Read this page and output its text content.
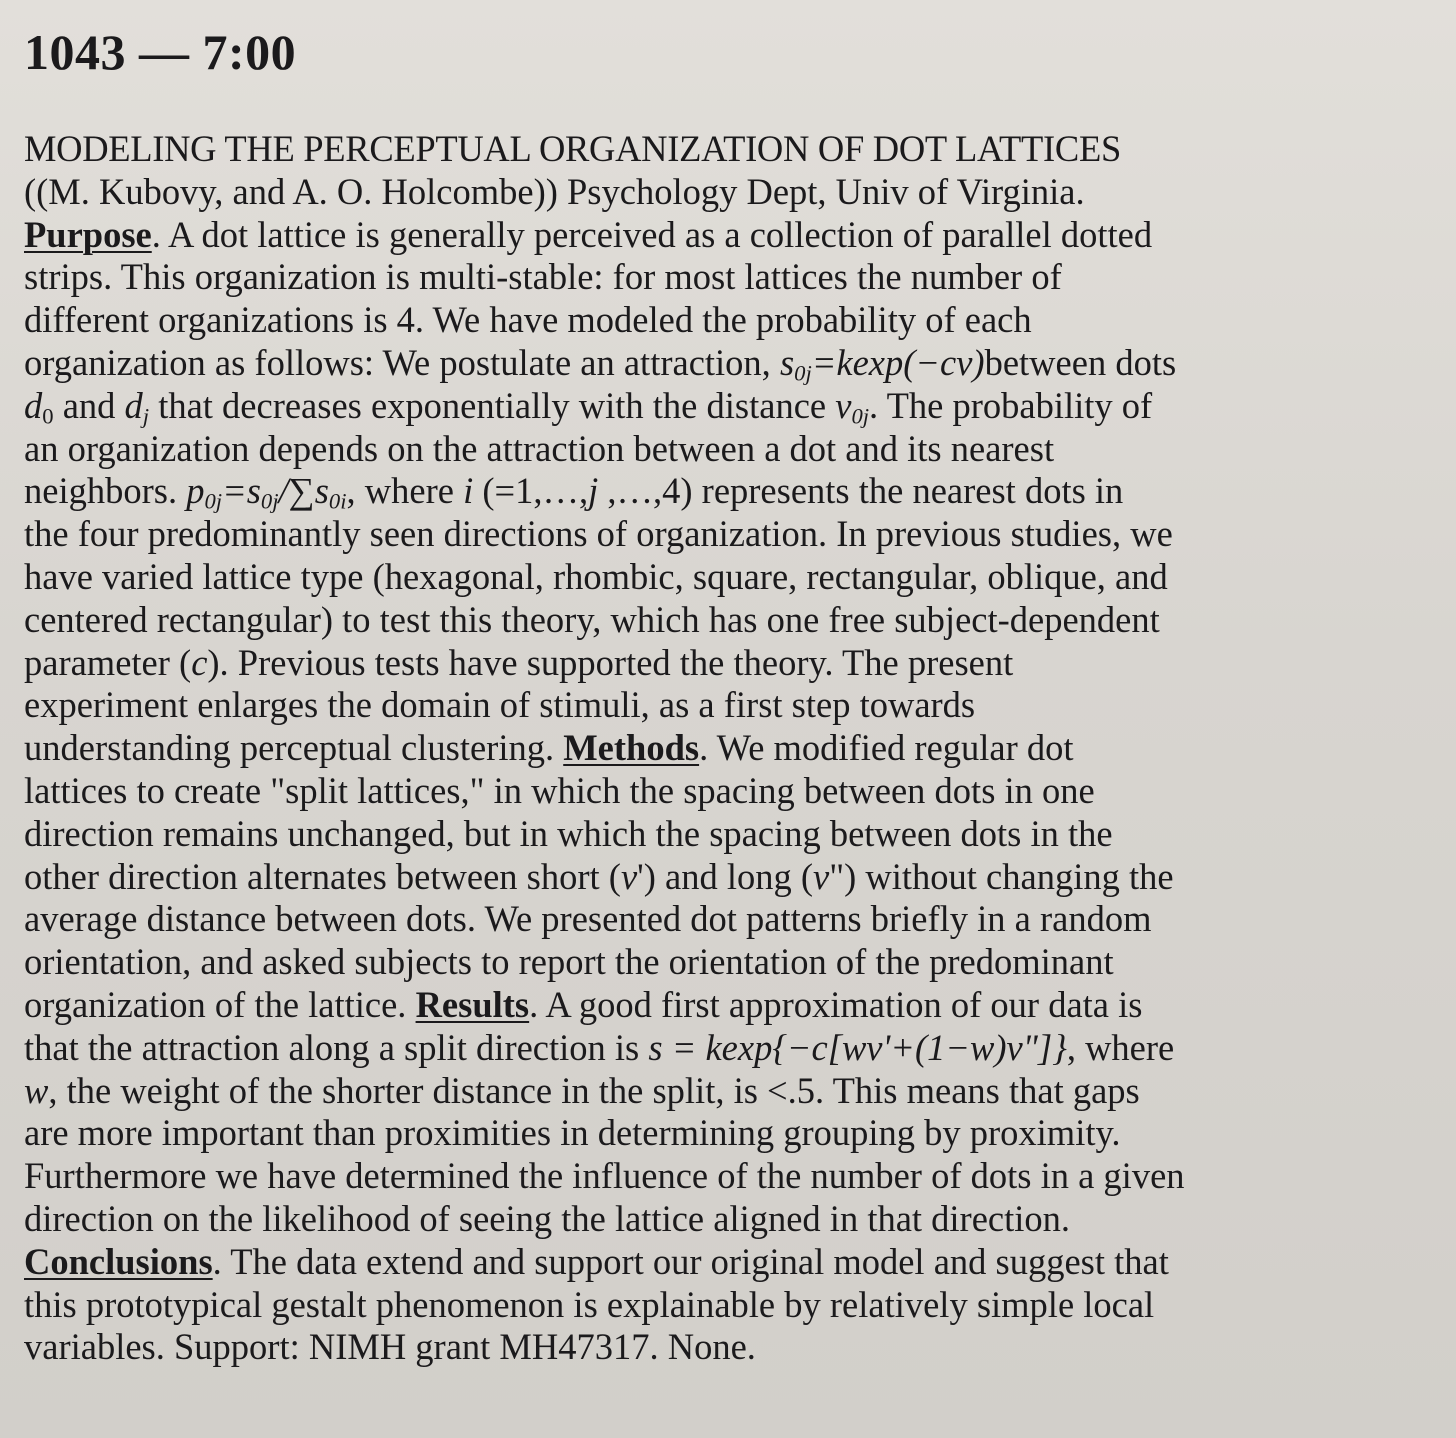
1043 — 7:00
MODELING THE PERCEPTUAL ORGANIZATION OF DOT LATTICES
((M. Kubovy, and A. O. Holcombe)) Psychology Dept, Univ of Virginia.
Purpose. A dot lattice is generally perceived as a collection of parallel dotted
strips. This organization is multi-stable: for most lattices the number of
different organizations is 4. We have modeled the probability of each
organization as follows: We postulate an attraction, $s_{0j}=kexp(-cv)between$ dots
$d_0$ and $d_j$ that decreases exponentially with the distance $v_{0j}$. The probability of
an organization depends on the attraction between a dot and its nearest
neighbors. $p_{0j}=s_{0j}/\sum s_{0i}$, where i (=1,…,j ,…,4) represents the nearest dots in
the four predominantly seen directions of organization. In previous studies, we
have varied lattice type (hexagonal, rhombic, square, rectangular, oblique, and
centered rectangular) to test this theory, which has one free subject-dependent
parameter (c). Previous tests have supported the theory. The present
experiment enlarges the domain of stimuli, as a first step towards
understanding perceptual clustering. Methods. We modified regular dot
lattices to create "split lattices," in which the spacing between dots in one
direction remains unchanged, but in which the spacing between dots in the
other direction alternates between short (v') and long (v") without changing the
average distance between dots. We presented dot patterns briefly in a random
orientation, and asked subjects to report the orientation of the predominant
organization of the lattice. Results. A good first approximation of our data is
that the attraction along a split direction is s = kexp{−c[wv'+(1−w)v"]}, where
w, the weight of the shorter distance in the split, is <.5. This means that gaps
are more important than proximities in determining grouping by proximity.
Furthermore we have determined the influence of the number of dots in a given
direction on the likelihood of seeing the lattice aligned in that direction.
Conclusions. The data extend and support our original model and suggest that
this prototypical gestalt phenomenon is explainable by relatively simple local
variables. Support: NIMH grant MH47317. None.
